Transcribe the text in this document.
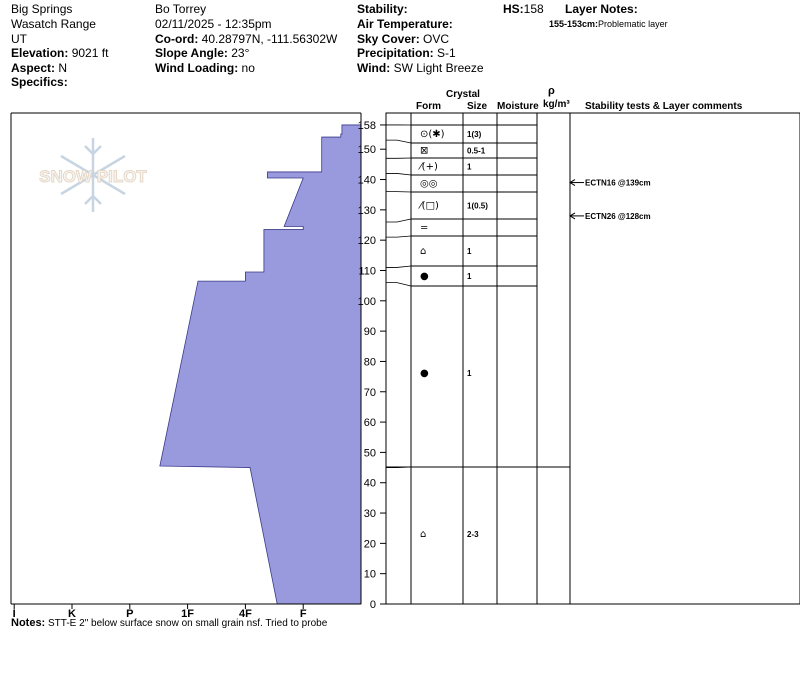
Big Springs
Wasatch Range
UT
Elevation: 9021 ft
Aspect: N
Specifics:
Bo Torrey
02/11/2025 - 12:35pm
Co-ord: 40.28797N, -111.56302W
Slope Angle: 23°
Wind Loading: no
Stability:
Air Temperature:
Sky Cover: OVC
Precipitation: S-1
Wind: SW Light Breeze
HS:158 Layer Notes:
155-153cm:Problematic layer
Crystal
Form	Size Moisture
ρ
kg/m³ Stability tests & Layer comments
Notes: STT-E 2" below surface snow on small grain nsf. Tried to probe
SNOW PILOT
I	K	P	1F	4F	F
0
10
20
30
40
50
60
70
80
90
100
110
120
130
140
150
158
⊙(✱)	1(3)
⊠	0.5-1
⁄(+)	1
◎◎
⁄(□)	1(0.5)
=
⌂	1
●	1
●	1
⌂	2-3
ECTN16 @139cm
ECTN26 @128cm
